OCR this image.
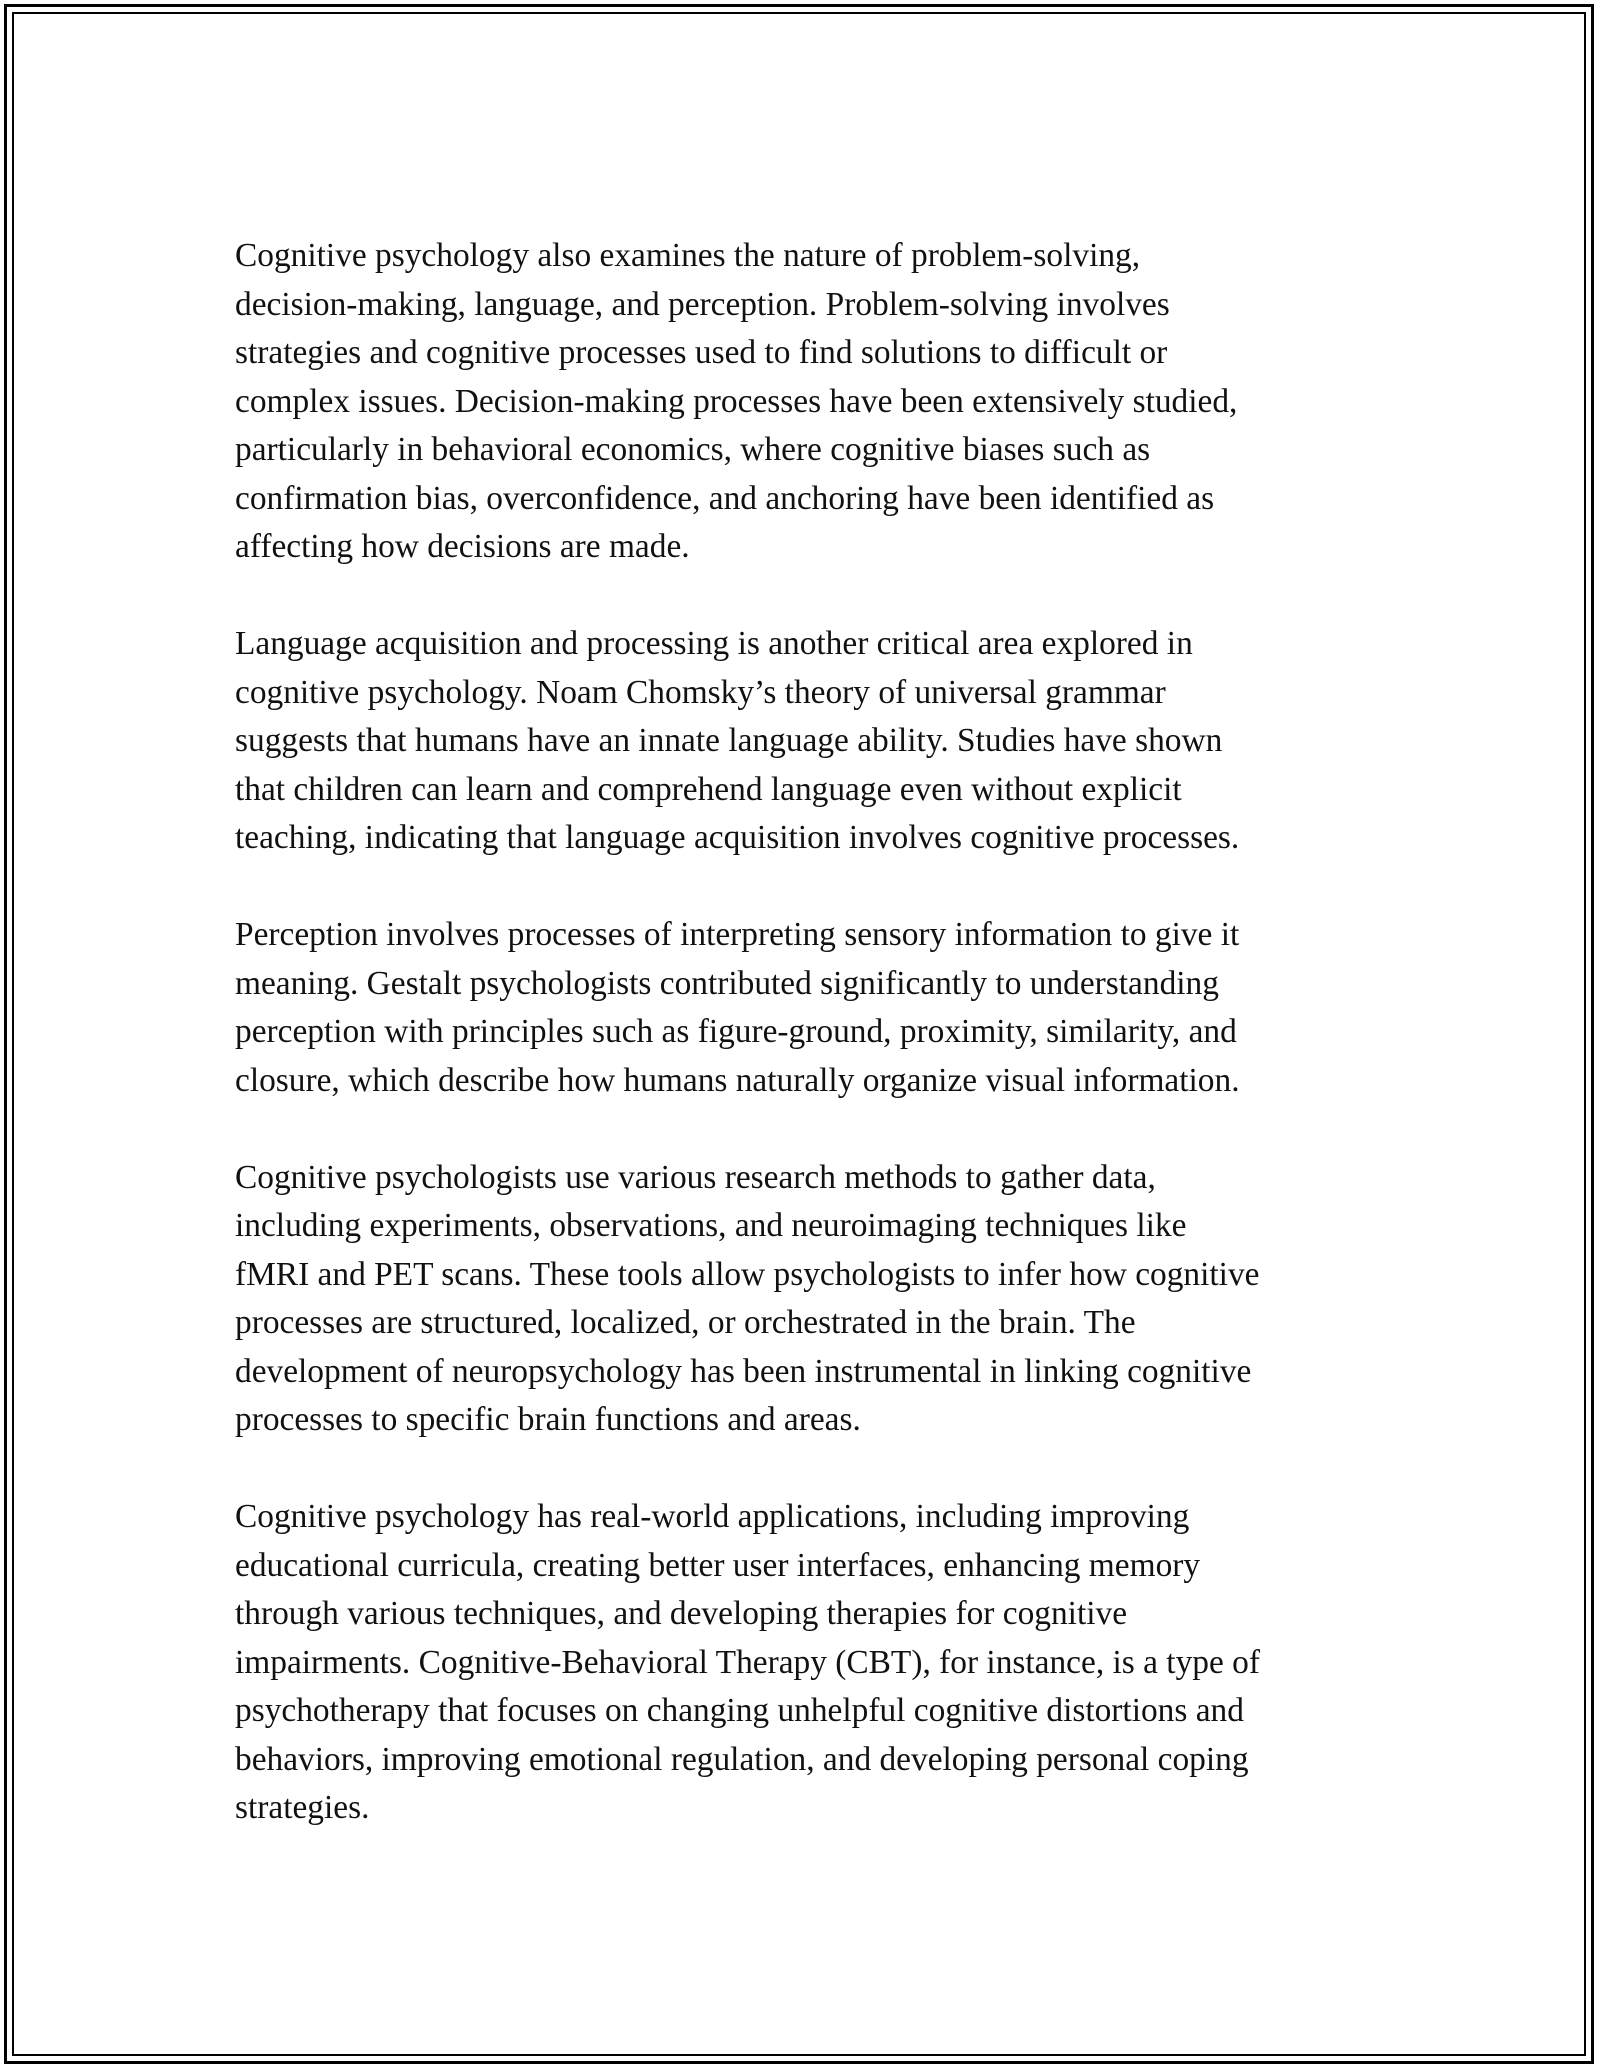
Cognitive psychology also examines the nature of problem-solving,
decision-making, language, and perception. Problem-solving involves
strategies and cognitive processes used to find solutions to difficult or
complex issues. Decision-making processes have been extensively studied,
particularly in behavioral economics, where cognitive biases such as
confirmation bias, overconfidence, and anchoring have been identified as
affecting how decisions are made.

Language acquisition and processing is another critical area explored in
cognitive psychology. Noam Chomsky’s theory of universal grammar
suggests that humans have an innate language ability. Studies have shown
that children can learn and comprehend language even without explicit
teaching, indicating that language acquisition involves cognitive processes.

Perception involves processes of interpreting sensory information to give it
meaning. Gestalt psychologists contributed significantly to understanding
perception with principles such as figure-ground, proximity, similarity, and
closure, which describe how humans naturally organize visual information.

Cognitive psychologists use various research methods to gather data,
including experiments, observations, and neuroimaging techniques like
fMRI and PET scans. These tools allow psychologists to infer how cognitive
processes are structured, localized, or orchestrated in the brain. The
development of neuropsychology has been instrumental in linking cognitive
processes to specific brain functions and areas.

Cognitive psychology has real-world applications, including improving
educational curricula, creating better user interfaces, enhancing memory
through various techniques, and developing therapies for cognitive
impairments. Cognitive-Behavioral Therapy (CBT), for instance, is a type of
psychotherapy that focuses on changing unhelpful cognitive distortions and
behaviors, improving emotional regulation, and developing personal coping
strategies.
